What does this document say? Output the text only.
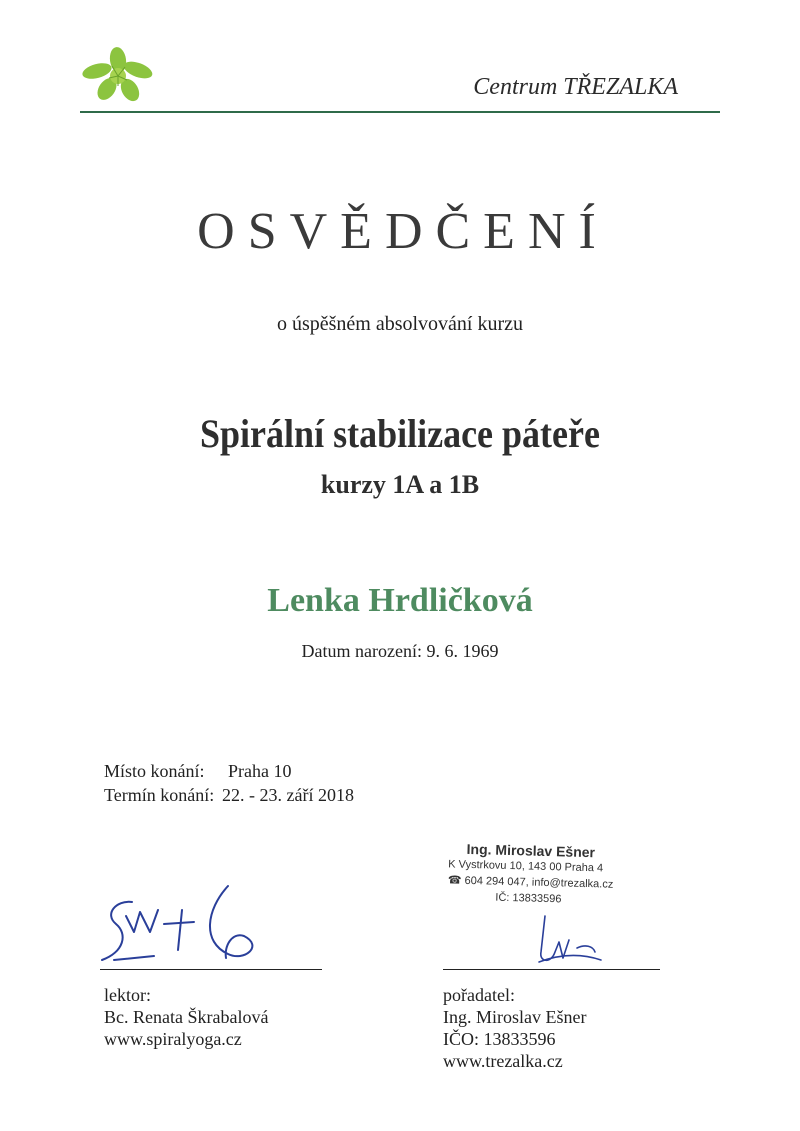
Centrum TŘEZALKA
OSVĚDČENÍ
o úspěšném absolvování kurzu
Spirální stabilizace páteře
kurzy 1A a 1B
Lenka Hrdličková
Datum narození: 9. 6. 1969
Místo konání: Praha 10
Termín konání: 22. - 23. září 2018
Ing. Miroslav Ešner
K Vystrkovu 10, 143 00 Praha 4
☎ 604 294 047, info@trezalka.cz
IČ: 13833596
lektor:
Bc. Renata Škrabalová
www.spiralyoga.cz
pořadatel:
Ing. Miroslav Ešner
IČO: 13833596
www.trezalka.cz
